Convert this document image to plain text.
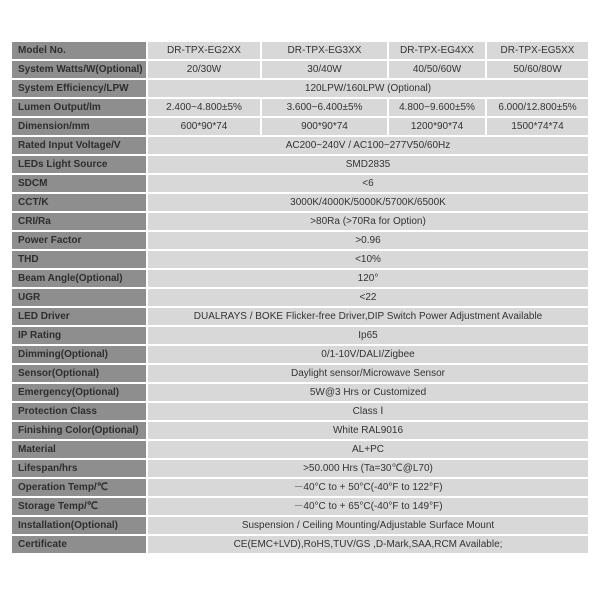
Model No.	DR-TPX-EG2XX	DR-TPX-EG3XX	DR-TPX-EG4XX	DR-TPX-EG5XX
System Watts/W(Optional)	20/30W	30/40W	40/50/60W	50/60/80W
System Efficiency/LPW	120LPW/160LPW (Optional)
Lumen Output/lm	2.400~4.800±5%	3.600~6.400±5%	4.800~9.600±5%	6.000/12.800±5%
Dimension/mm	600*90*74	900*90*74	1200*90*74	1500*74*74
Rated Input Voltage/V	AC200~240V / AC100~277V50/60Hz
LEDs Light Source	SMD2835
SDCM	<6
CCT/K	3000K/4000K/5000K/5700K/6500K
CRI/Ra	>80Ra (>70Ra for Option)
Power Factor	>0.96
THD	<10%
Beam Angle(Optional)	120°
UGR	<22
LED Driver	DUALRAYS / BOKE Flicker-free Driver,DIP Switch Power Adjustment Available
IP Rating	Ip65
Dimming(Optional)	0/1-10V/DALI/Zigbee
Sensor(Optional)	Daylight sensor/Microwave Sensor
Emergency(Optional)	5W@3 Hrs or Customized
Protection Class	Class Ⅰ
Finishing Color(Optional)	White RAL9016
Material	AL+PC
Lifespan/hrs	>50.000 Hrs (Ta=30℃@L70)
Operation Temp/℃	－40°C to + 50°C(-40°F to 122°F)
Storage Temp/℃	－40°C to + 65°C(-40°F to 149°F)
Installation(Optional)	Suspension / Ceiling Mounting/Adjustable Surface Mount
Certificate	CE(EMC+LVD),RoHS,TUV/GS ,D-Mark,SAA,RCM Available;
